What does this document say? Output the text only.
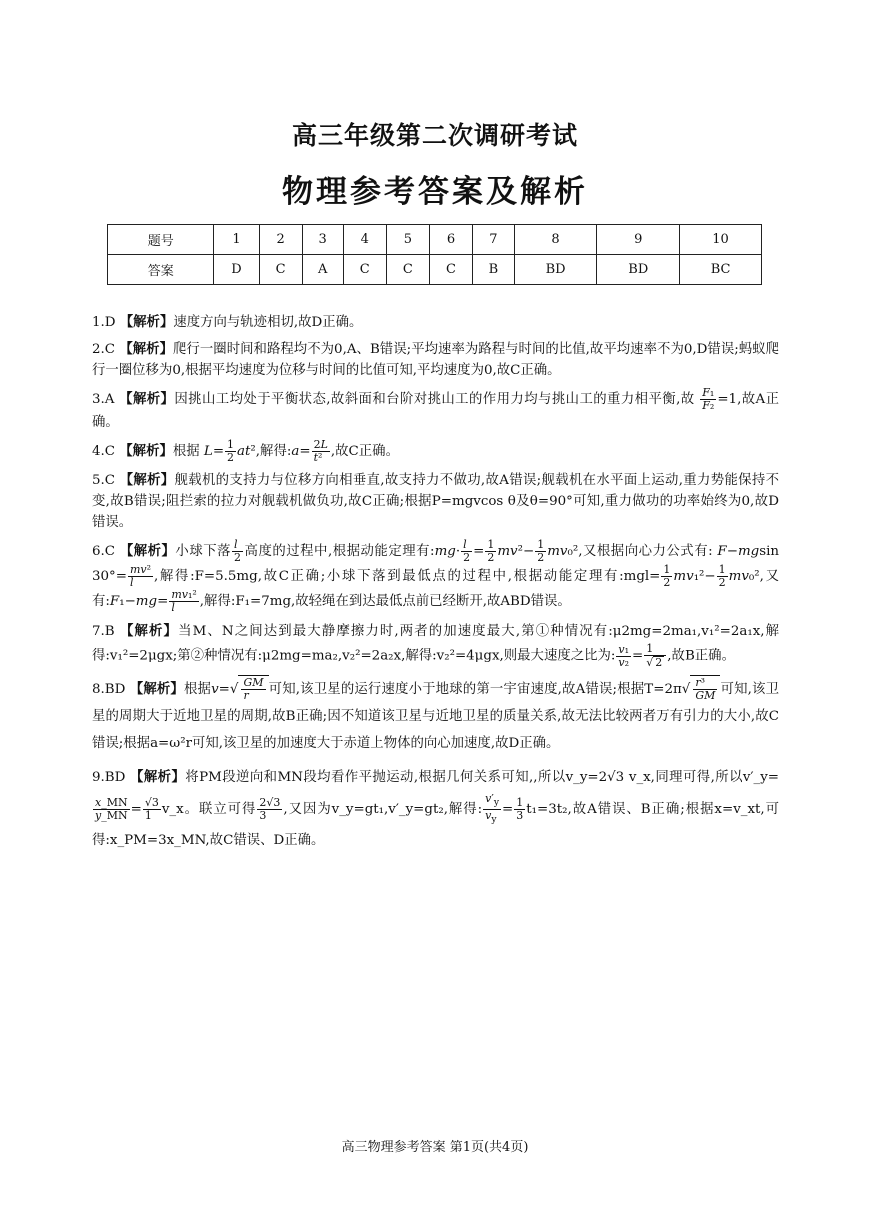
高三年级第二次调研考试
物理参考答案及解析
题号	1	2	3	4	5	6	7	8	9	10
答案	D	C	A	C	C	C	B	BD	BD	BC
1.D 【解析】速度方向与轨迹相切,故D正确。
2.C 【解析】爬行一圈时间和路程均不为0,A、B错误;平均速率为路程与时间的比值,故平均速率不为0,D错误;蚂蚁爬行一圈位移为0,根据平均速度为位移与时间的比值可知,平均速度为0,故C正确。
3.A 【解析】因挑山工均处于平衡状态,故斜面和台阶对挑山工的作用力均与挑山工的重力相平衡,故 $\frac{\text{F₁}}{\text{F₂}} =1$,故A正确。
4.C 【解析】根据 $L= \frac{1}{2} at^2$,解得:a= $\frac{2L}{\text{t²}}$ ,故C正确。
5.C 【解析】舰载机的支持力与位移方向相垂直,故支持力不做功,故A错误;舰载机在水平面上运动,重力势能保持不变,故B错误;阻拦索的拉力对舰载机做负功,故C正确;根据P=mgvcos θ及θ=90°可知,重力做功的功率始终为0,故D错误。
6.C 【解析】小球下落 $\frac{l}{2}$ 高度的过程中,根据动能定理有:mg· $\frac{l}{2} = \frac{1}{2} mv^2- \frac{1}{2} mv_0^2$,又根据向心力公式有: F−mgsin $30^\circ= \frac{\text{mv²}}{l}$ ,解得:F=5.5mg,故C正确;小球下落到最低点的过程中,根据动能定理有:mgl= $\frac{1}{2} mv_1^2- \frac{1}{2} mv_0^2$,又有:F₁−mg= $\frac{\text{mv₁²}}{l}$ ,解得:F₁=7mg,故轻绳在到达最低点前已经断开,故ABD错误。
7.B 【解析】当M、N之间达到最大静摩擦力时,两者的加速度最大,第①种情况有:μ2mg=2ma₁,v₁²=2a₁x,解得:v₁²=2μgx;第②种情况有:μ2mg=ma₂,v₂²=2a₂x,解得:v₂²=4μgx,则最大速度之比为: $\frac{\text{v₁}}{\text{v₂}} = \frac{1}{√ 2}$ ,故B正确。
8.BD 【解析】根据$v=√ \frac{GM}{r}$ 可知,该卫星的运行速度小于地球的第一宇宙速度,故A错误;根据$T=2\pi√ \frac{\text{r³}}{GM}$ 可知,该卫星的周期大于近地卫星的周期,故B正确;因不知道该卫星与近地卫星的质量关系,故无法比较两者万有引力的大小,故C错误;根据a=ω²r可知,该卫星的加速度大于赤道上物体的向心加速度,故D正确。
9.BD 【解析】将PM段逆向和MN段均看作平抛运动,根据几何关系可知,,所以v_y=2√3 v_x,同理可得,所以v′_y=
$\frac{x\_MN}{y\_MN} = \frac{√3}{1}$ v_x。联立可得 $\frac{2√3}{3}$ ,又因为v_y=gt₁,v′_y=gt₂,解得: $\frac{v'_y}{v_y} = \frac{1}{3} t_1=3t_2$,故A错误、B正确;根据x=v_xt,可得:x_PM=3x_MN,故C错误、D正确。
高三物理参考答案 第1页(共4页)
